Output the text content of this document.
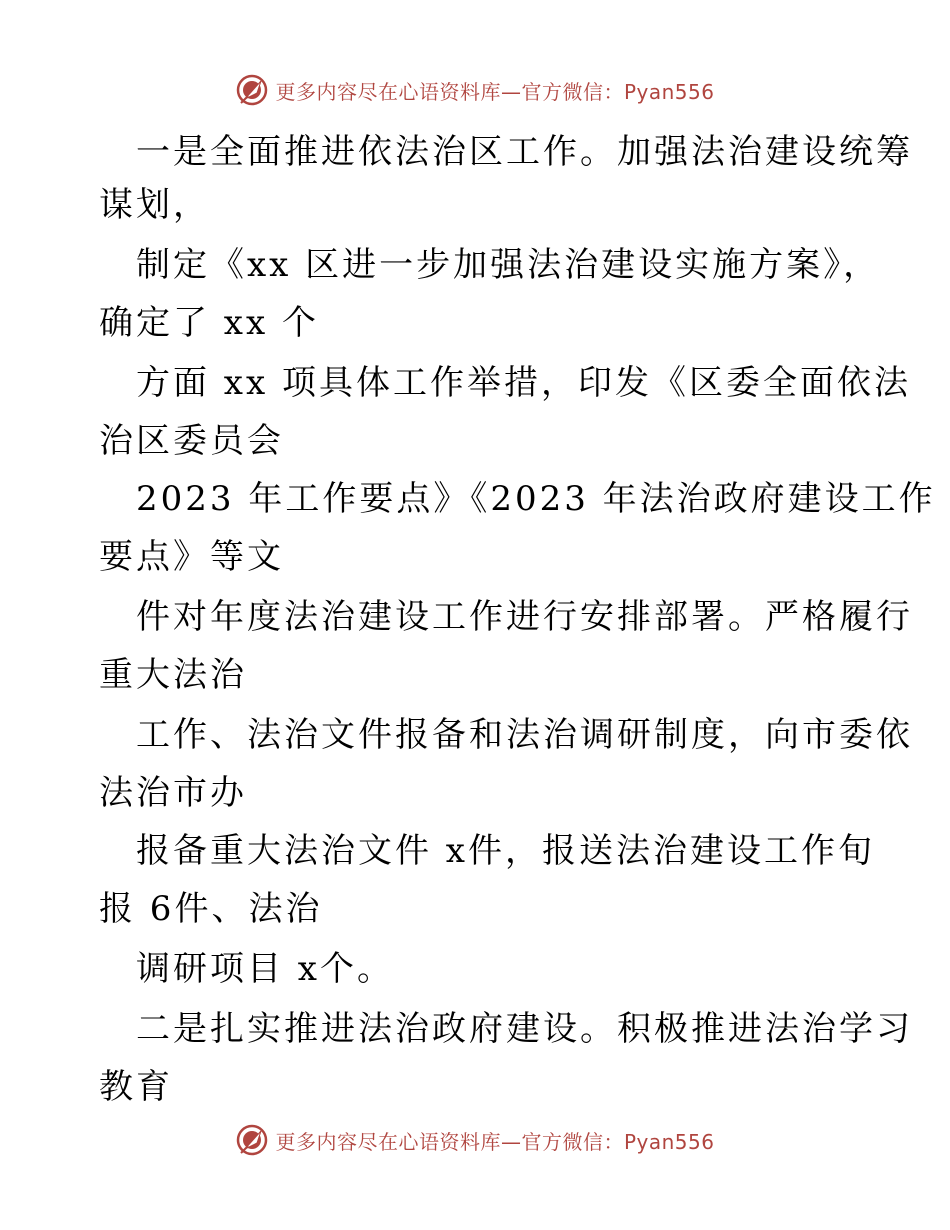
更多内容尽在心语资料库—官方微信：Pyan556
一是全面推进依法治区工作。加强法治建设统筹
谋划，
制定《xx 区进一步加强法治建设实施方案》，
确定了 xx 个
方面 xx 项具体工作举措，印发《区委全面依法
治区委员会
2023 年工作要点》《2023 年法治政府建设工作
要点》等文
件对年度法治建设工作进行安排部署。严格履行
重大法治
工作、法治文件报备和法治调研制度，向市委依
法治市办
报备重大法治文件 x件，报送法治建设工作旬
报 6件、法治
调研项目 x个。
二是扎实推进法治政府建设。积极推进法治学习
教育
更多内容尽在心语资料库—官方微信：Pyan556
